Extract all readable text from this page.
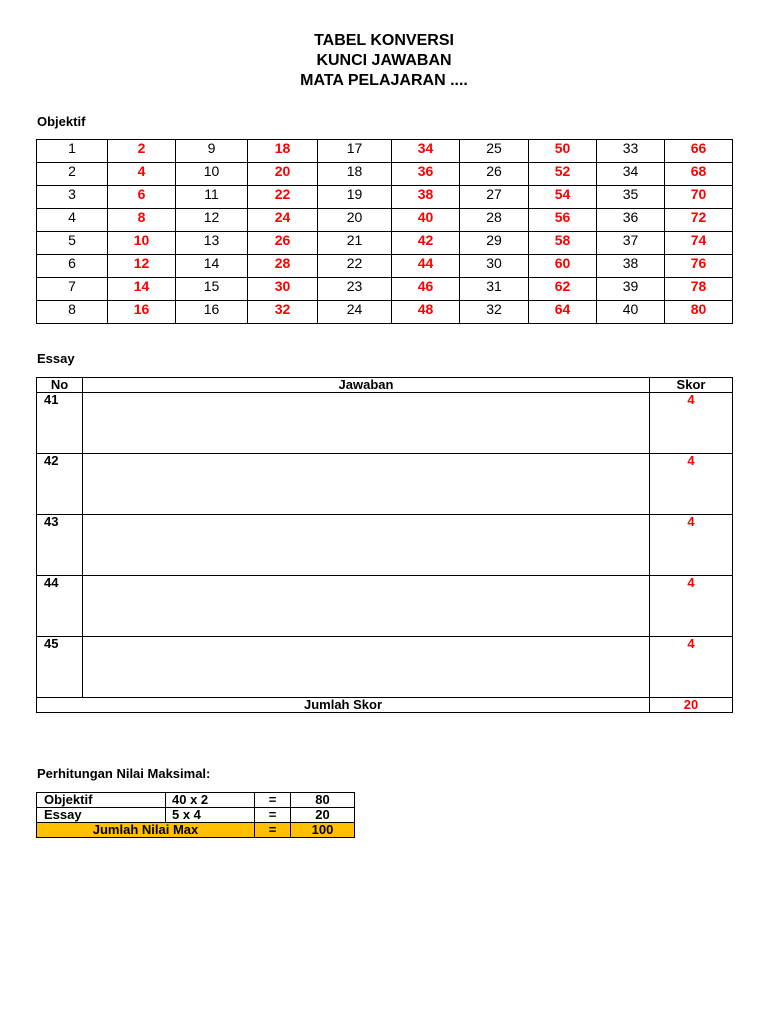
TABEL KONVERSI
KUNCI JAWABAN
MATA PELAJARAN ....
Objektif
1	2	9	18	17	34	25	50	33	66
2	4	10	20	18	36	26	52	34	68
3	6	11	22	19	38	27	54	35	70
4	8	12	24	20	40	28	56	36	72
5	10	13	26	21	42	29	58	37	74
6	12	14	28	22	44	30	60	38	76
7	14	15	30	23	46	31	62	39	78
8	16	16	32	24	48	32	64	40	80
Essay
No	Jawaban	Skor
41		4
42		4
43		4
44		4
45		4
Jumlah Skor		20
Perhitungan Nilai Maksimal:
Objektif	40 x 2	=	80
Essay	5 x 4	=	20
Jumlah Nilai Max		=	100
